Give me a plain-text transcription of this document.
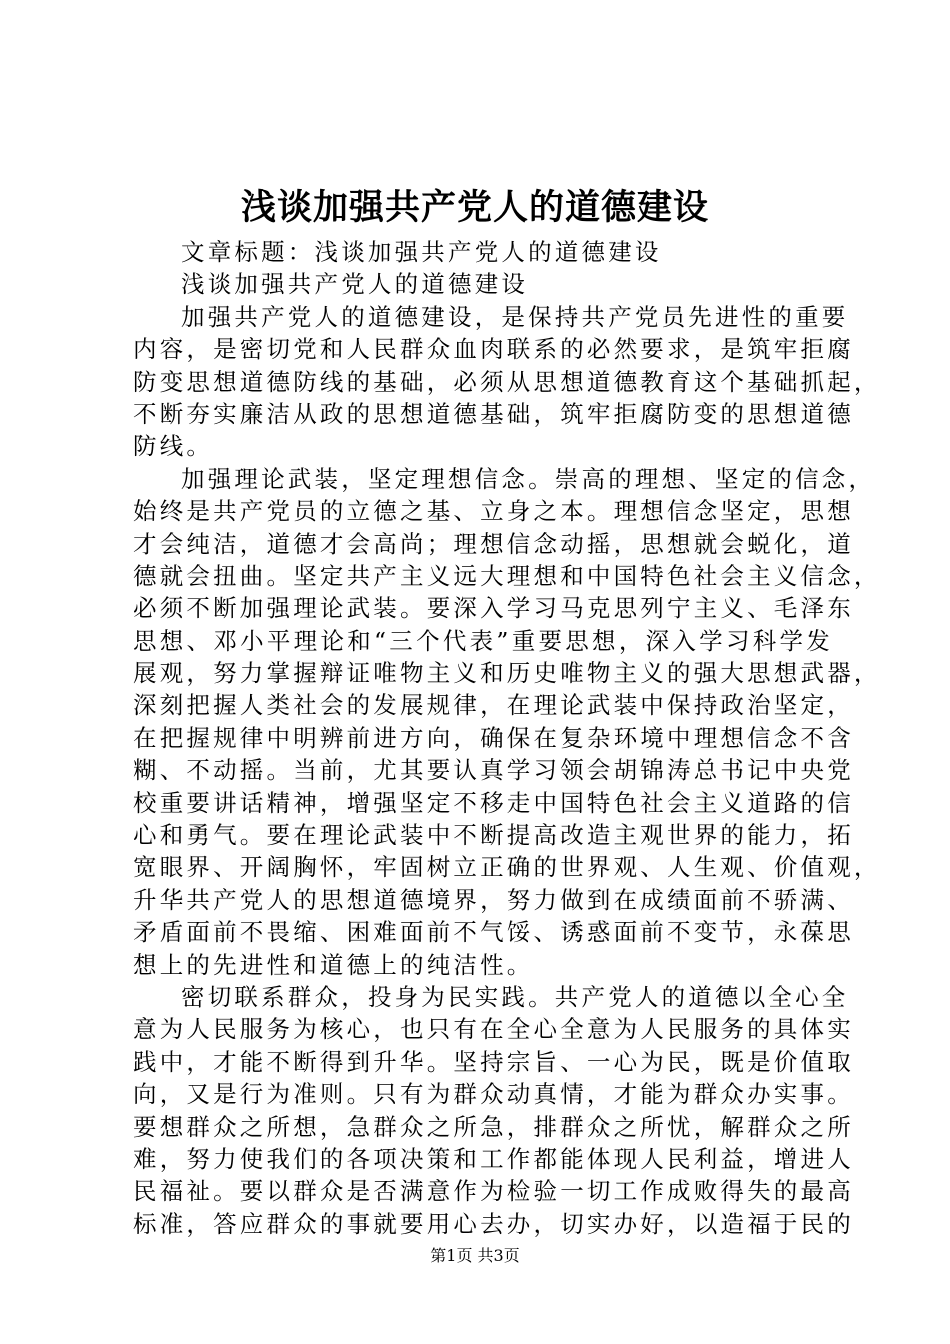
浅谈加强共产党人的道德建设
文章标题：浅谈加强共产党人的道德建设
浅谈加强共产党人的道德建设
加强共产党人的道德建设，是保持共产党员先进性的重要
内容，是密切党和人民群众血肉联系的必然要求，是筑牢拒腐
防变思想道德防线的基础，必须从思想道德教育这个基础抓起，
不断夯实廉洁从政的思想道德基础，筑牢拒腐防变的思想道德
防线。
加强理论武装，坚定理想信念。崇高的理想、坚定的信念，
始终是共产党员的立德之基、立身之本。理想信念坚定，思想
才会纯洁，道德才会高尚；理想信念动摇，思想就会蜕化，道
德就会扭曲。坚定共产主义远大理想和中国特色社会主义信念，
必须不断加强理论武装。要深入学习马克思列宁主义、毛泽东
思想、邓小平理论和“三个代表”重要思想，深入学习科学发
展观，努力掌握辩证唯物主义和历史唯物主义的强大思想武器，
深刻把握人类社会的发展规律，在理论武装中保持政治坚定，
在把握规律中明辨前进方向，确保在复杂环境中理想信念不含
糊、不动摇。当前，尤其要认真学习领会胡锦涛总书记中央党
校重要讲话精神，增强坚定不移走中国特色社会主义道路的信
心和勇气。要在理论武装中不断提高改造主观世界的能力，拓
宽眼界、开阔胸怀，牢固树立正确的世界观、人生观、价值观，
升华共产党人的思想道德境界，努力做到在成绩面前不骄满、
矛盾面前不畏缩、困难面前不气馁、诱惑面前不变节，永葆思
想上的先进性和道德上的纯洁性。
密切联系群众，投身为民实践。共产党人的道德以全心全
意为人民服务为核心，也只有在全心全意为人民服务的具体实
践中，才能不断得到升华。坚持宗旨、一心为民，既是价值取
向，又是行为准则。只有为群众动真情，才能为群众办实事。
要想群众之所想，急群众之所急，排群众之所忧，解群众之所
难，努力使我们的各项决策和工作都能体现人民利益，增进人
民福祉。要以群众是否满意作为检验一切工作成败得失的最高
标准，答应群众的事就要用心去办，切实办好，以造福于民的
第1页 共3页
